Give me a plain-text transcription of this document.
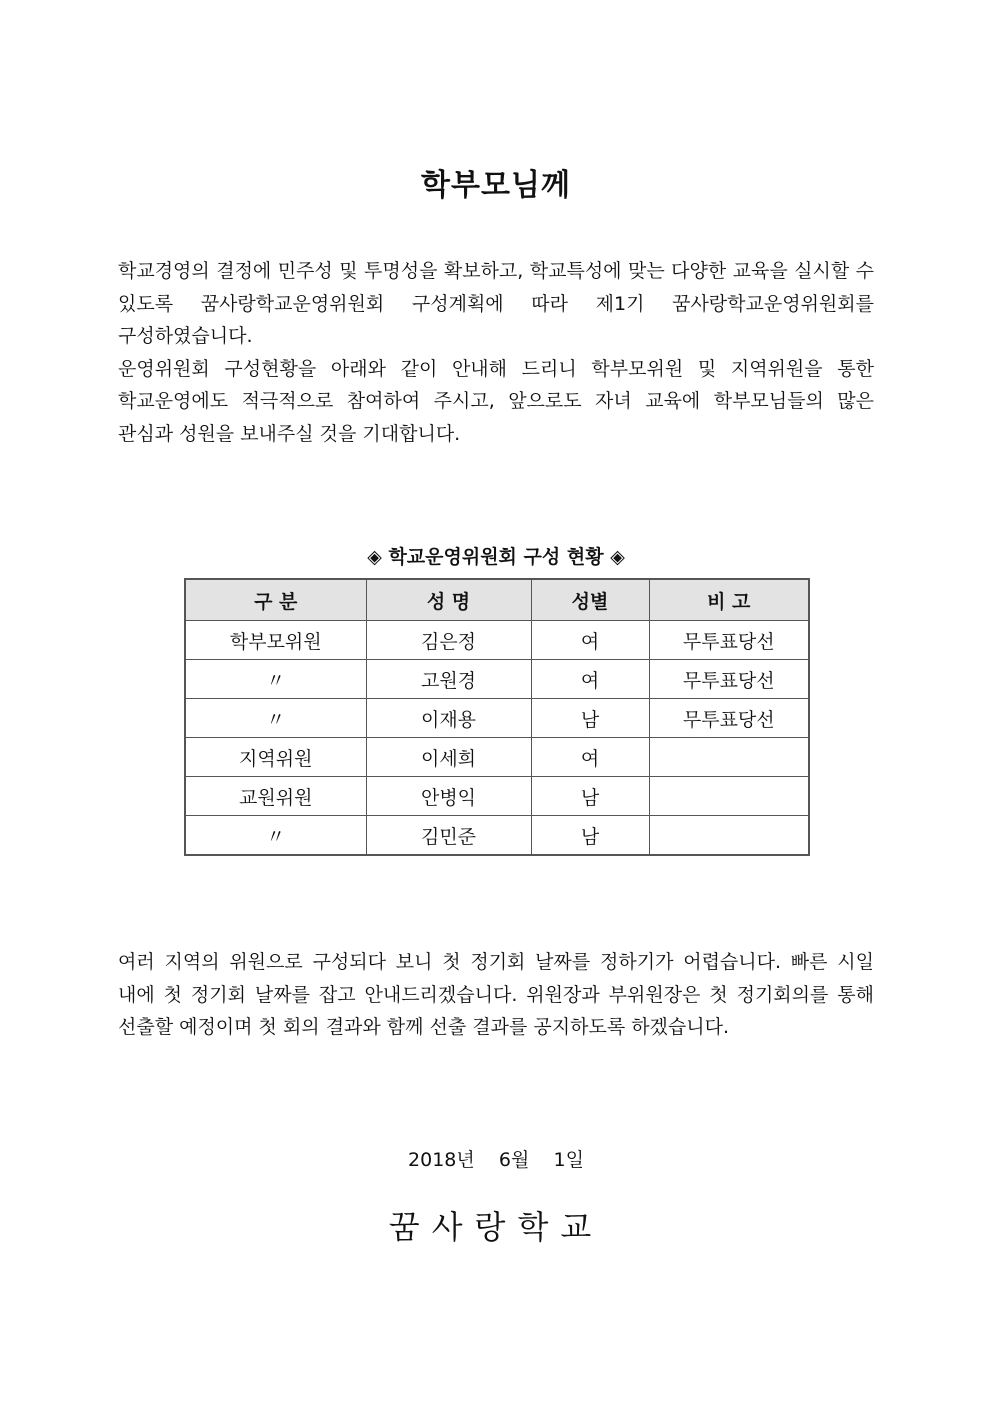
학부모님께

학교경영의 결정에 민주성 및 투명성을 확보하고, 학교특성에 맞는 다양한 교육을 실시할 수 있도록 꿈사랑학교운영위원회 구성계획에 따라 제1기 꿈사랑학교운영위원회를 구성하였습니다.

운영위원회 구성현황을 아래와 같이 안내해 드리니 학부모위원 및 지역위원을 통한 학교운영에도 적극적으로 참여하여 주시고, 앞으로도 자녀 교육에 학부모님들의 많은 관심과 성원을 보내주실 것을 기대합니다.

◈ 학교운영위원회 구성 현황 ◈
구 분	성 명	성별	비 고
학부모위원	김은정	여	무투표당선
〃	고원경	여	무투표당선
〃	이재용	남	무투표당선
지역위원	이세희	여	
교원위원	안병익	남	
〃	김민준	남	

여러 지역의 위원으로 구성되다 보니 첫 정기회 날짜를 정하기가 어렵습니다. 빠른 시일 내에 첫 정기회 날짜를 잡고 안내드리겠습니다. 위원장과 부위원장은 첫 정기회의를 통해 선출할 예정이며 첫 회의 결과와 함께 선출 결과를 공지하도록 하겠습니다.

2018년    6월    1일
꿈사랑학교
